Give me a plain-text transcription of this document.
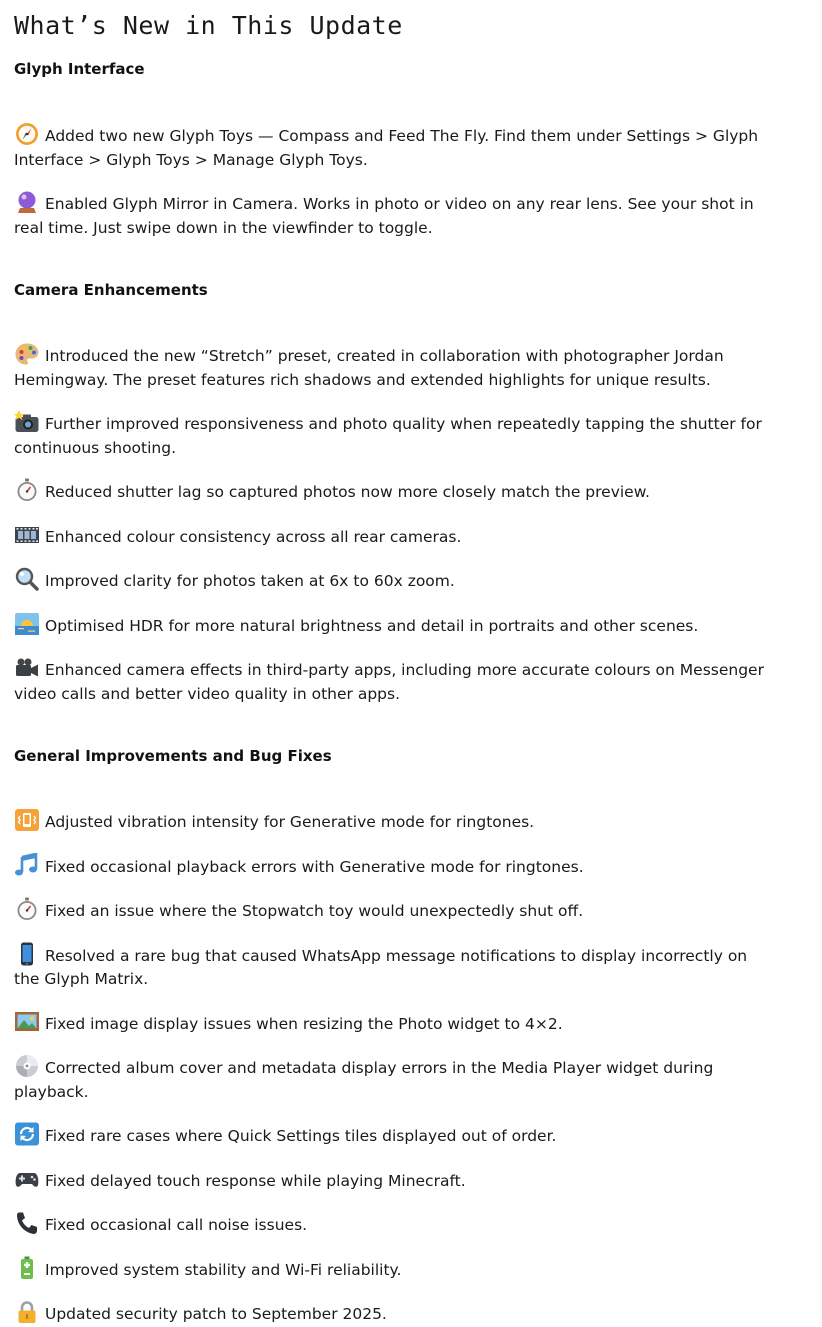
What’s New in This Update
Glyph Interface
Added two new Glyph Toys — Compass and Feed The Fly. Find them under Settings > Glyph Interface > Glyph Toys > Manage Glyph Toys.
Enabled Glyph Mirror in Camera. Works in photo or video on any rear lens. See your shot in real time. Just swipe down in the viewfinder to toggle.
Camera Enhancements
Introduced the new “Stretch” preset, created in collaboration with photographer Jordan Hemingway. The preset features rich shadows and extended highlights for unique results.
Further improved responsiveness and photo quality when repeatedly tapping the shutter for continuous shooting.
Reduced shutter lag so captured photos now more closely match the preview.
Enhanced colour consistency across all rear cameras.
Improved clarity for photos taken at 6x to 60x zoom.
Optimised HDR for more natural brightness and detail in portraits and other scenes.
Enhanced camera effects in third-party apps, including more accurate colours on Messenger video calls and better video quality in other apps.
General Improvements and Bug Fixes
Adjusted vibration intensity for Generative mode for ringtones.
Fixed occasional playback errors with Generative mode for ringtones.
Fixed an issue where the Stopwatch toy would unexpectedly shut off.
Resolved a rare bug that caused WhatsApp message notifications to display incorrectly on the Glyph Matrix.
Fixed image display issues when resizing the Photo widget to 4×2.
Corrected album cover and metadata display errors in the Media Player widget during playback.
Fixed rare cases where Quick Settings tiles displayed out of order.
Fixed delayed touch response while playing Minecraft.
Fixed occasional call noise issues.
Improved system stability and Wi-Fi reliability.
Updated security patch to September 2025.
